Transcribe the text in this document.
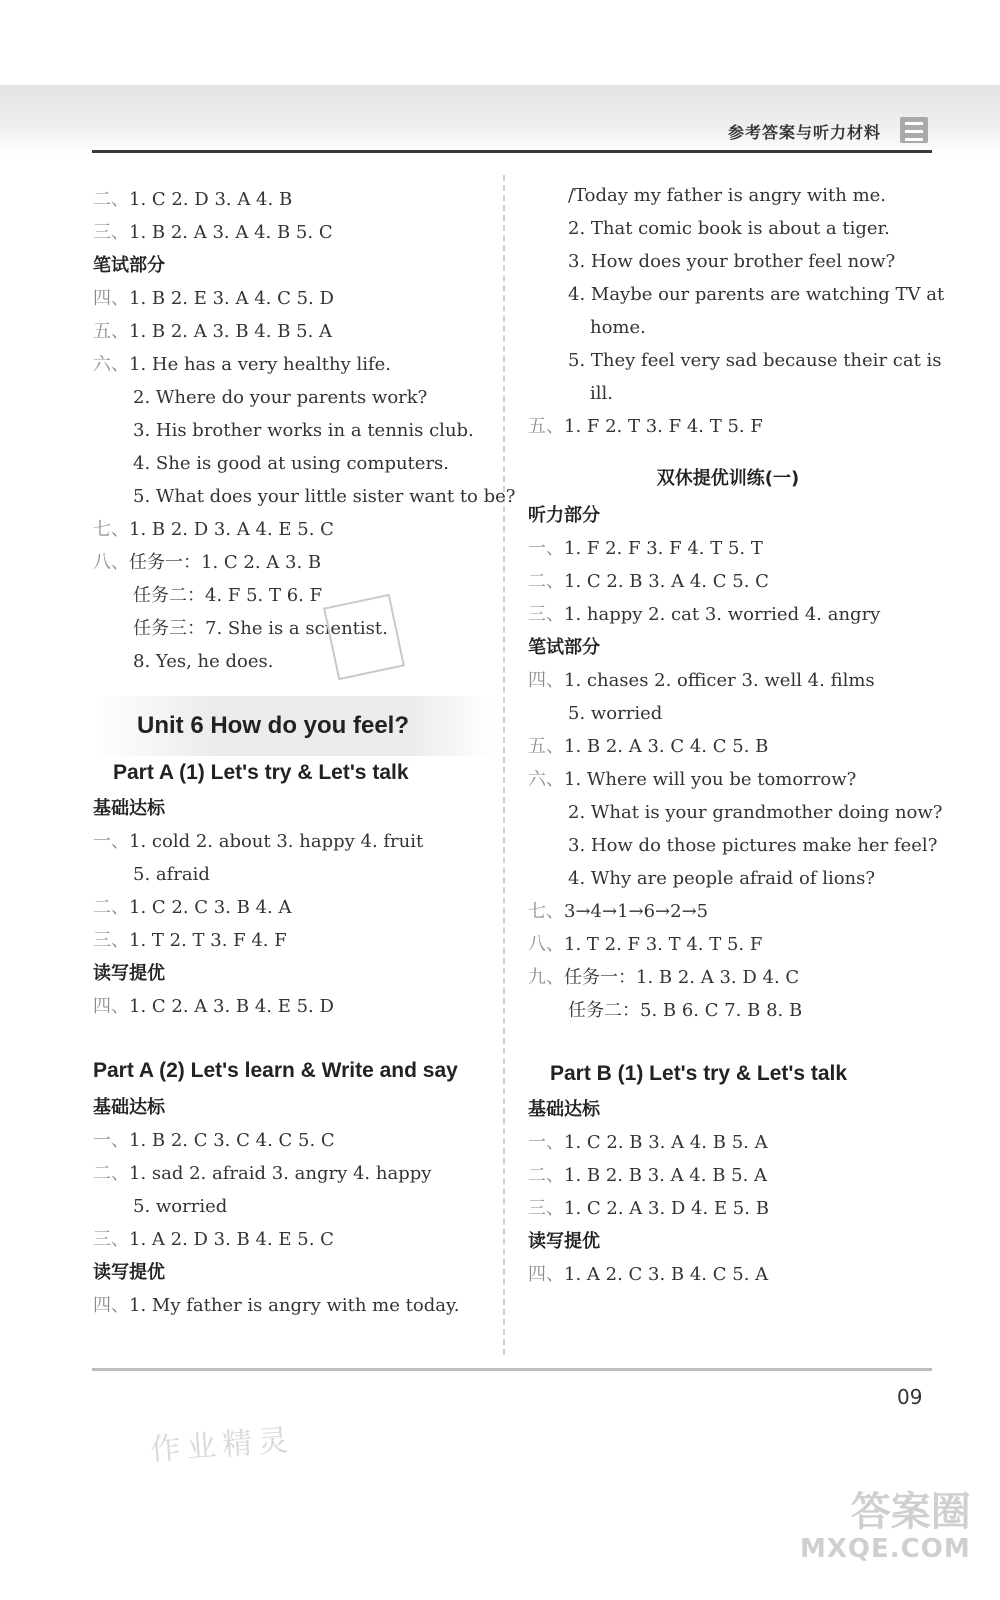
参考答案与听力材料
二、1. C 2. D 3. A 4. B
三、1. B 2. A 3. A 4. B 5. C
笔试部分
四、1. B 2. E 3. A 4. C 5. D
五、1. B 2. A 3. B 4. B 5. A
六、1. He has a very healthy life.
2. Where do your parents work?
3. His brother works in a tennis club.
4. She is good at using computers.
5. What does your little sister want to be?
七、1. B 2. D 3. A 4. E 5. C
八、任务一：1. C 2. A 3. B
任务二：4. F 5. T 6. F
任务三：7. She is a scientist.
8. Yes, he does.
Unit 6 How do you feel?
Part A (1) Let's try & Let's talk
基础达标
一、1. cold 2. about 3. happy 4. fruit
5. afraid
二、1. C 2. C 3. B 4. A
三、1. T 2. T 3. F 4. F
读写提优
四、1. C 2. A 3. B 4. E 5. D
Part A (2) Let's learn & Write and say
基础达标
一、1. B 2. C 3. C 4. C 5. C
二、1. sad 2. afraid 3. angry 4. happy
5. worried
三、1. A 2. D 3. B 4. E 5. C
读写提优
四、1. My father is angry with me today.
/Today my father is angry with me.
2. That comic book is about a tiger.
3. How does your brother feel now?
4. Maybe our parents are watching TV at
home.
5. They feel very sad because their cat is
ill.
五、1. F 2. T 3. F 4. T 5. F
双休提优训练(一)
听力部分
一、1. F 2. F 3. F 4. T 5. T
二、1. C 2. B 3. A 4. C 5. C
三、1. happy 2. cat 3. worried 4. angry
笔试部分
四、1. chases 2. officer 3. well 4. films
5. worried
五、1. B 2. A 3. C 4. C 5. B
六、1. Where will you be tomorrow?
2. What is your grandmother doing now?
3. How do those pictures make her feel?
4. Why are people afraid of lions?
七、3→4→1→6→2→5
八、1. T 2. F 3. T 4. T 5. F
九、任务一：1. B 2. A 3. D 4. C
任务二：5. B 6. C 7. B 8. B
Part B (1) Let's try & Let's talk
基础达标
一、1. C 2. B 3. A 4. B 5. A
二、1. B 2. B 3. A 4. B 5. A
三、1. C 2. A 3. D 4. E 5. B
读写提优
四、1. A 2. C 3. B 4. C 5. A
09
作业精灵
答案圈
MXQE.COM
